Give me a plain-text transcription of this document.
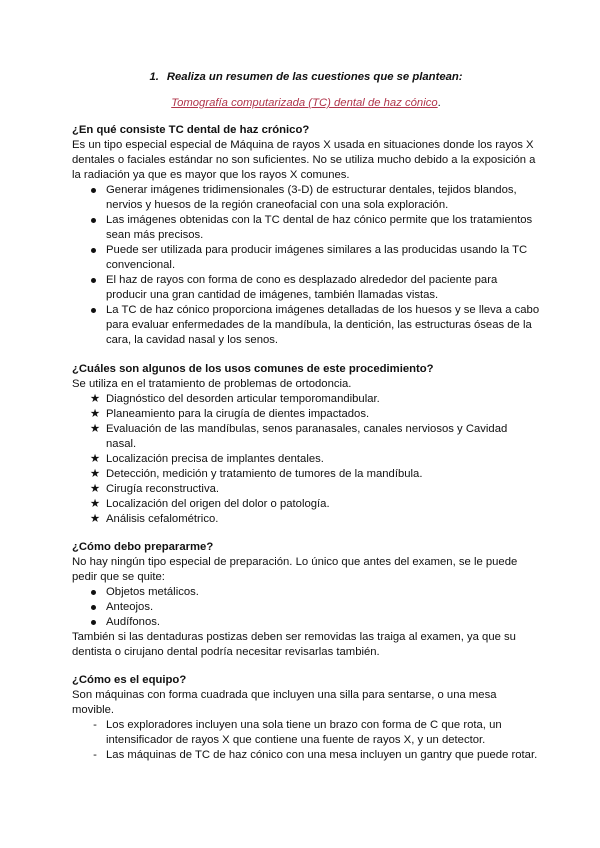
1. Realiza un resumen de las cuestiones que se plantean:

Tomografía computarizada (TC) dental de haz cónico.

¿En qué consiste TC dental de haz crónico?

Es un tipo especial especial de Máquina de rayos X usada en situaciones donde los rayos X dentales o faciales estándar no son suficientes. No se utiliza mucho debido a la exposición a la radiación ya que es mayor que los rayos X comunes.

Generar imágenes tridimensionales (3-D) de estructurar dentales, tejidos blandos, nervios y huesos de la región craneofacial con una sola exploración.
Las imágenes obtenidas con la TC dental de haz cónico permite que los tratamientos sean más precisos.
Puede ser utilizada para producir imágenes similares a las producidas usando la TC convencional.
El haz de rayos con forma de cono es desplazado alrededor del paciente para producir una gran cantidad de imágenes, también llamadas vistas.
La TC de haz cónico proporciona imágenes detalladas de los huesos y se lleva a cabo para evaluar enfermedades de la mandíbula, la dentición, las estructuras óseas de la cara, la cavidad nasal y los senos.
¿Cuáles son algunos de los usos comunes de este procedimiento?

Se utiliza en el tratamiento de problemas de ortodoncia.

★ Diagnóstico del desorden articular temporomandibular.
★ Planeamiento para la cirugía de dientes impactados.
★ Evaluación de las mandíbulas, senos paranasales, canales nerviosos y Cavidad nasal.
★ Localización precisa de implantes dentales.
★ Detección, medición y tratamiento de tumores de la mandíbula.
★ Cirugía reconstructiva.
★ Localización del origen del dolor o patología.
★ Análisis cefalométrico.
¿Cómo debo prepararme?

No hay ningún tipo especial de preparación. Lo único que antes del examen, se le puede pedir que se quite:

Objetos metálicos.
Anteojos.
Audífonos.

También si las dentaduras postizas deben ser removidas las traiga al examen, ya que su dentista o cirujano dental podría necesitar revisarlas también.

¿Cómo es el equipo?

Son máquinas con forma cuadrada que incluyen una silla para sentarse, o una mesa movible.

- Los exploradores incluyen una sola tiene un brazo con forma de C que rota, un intensificador de rayos X que contiene una fuente de rayos X, y un detector.
- Las máquinas de TC de haz cónico con una mesa incluyen un gantry que puede rotar.
